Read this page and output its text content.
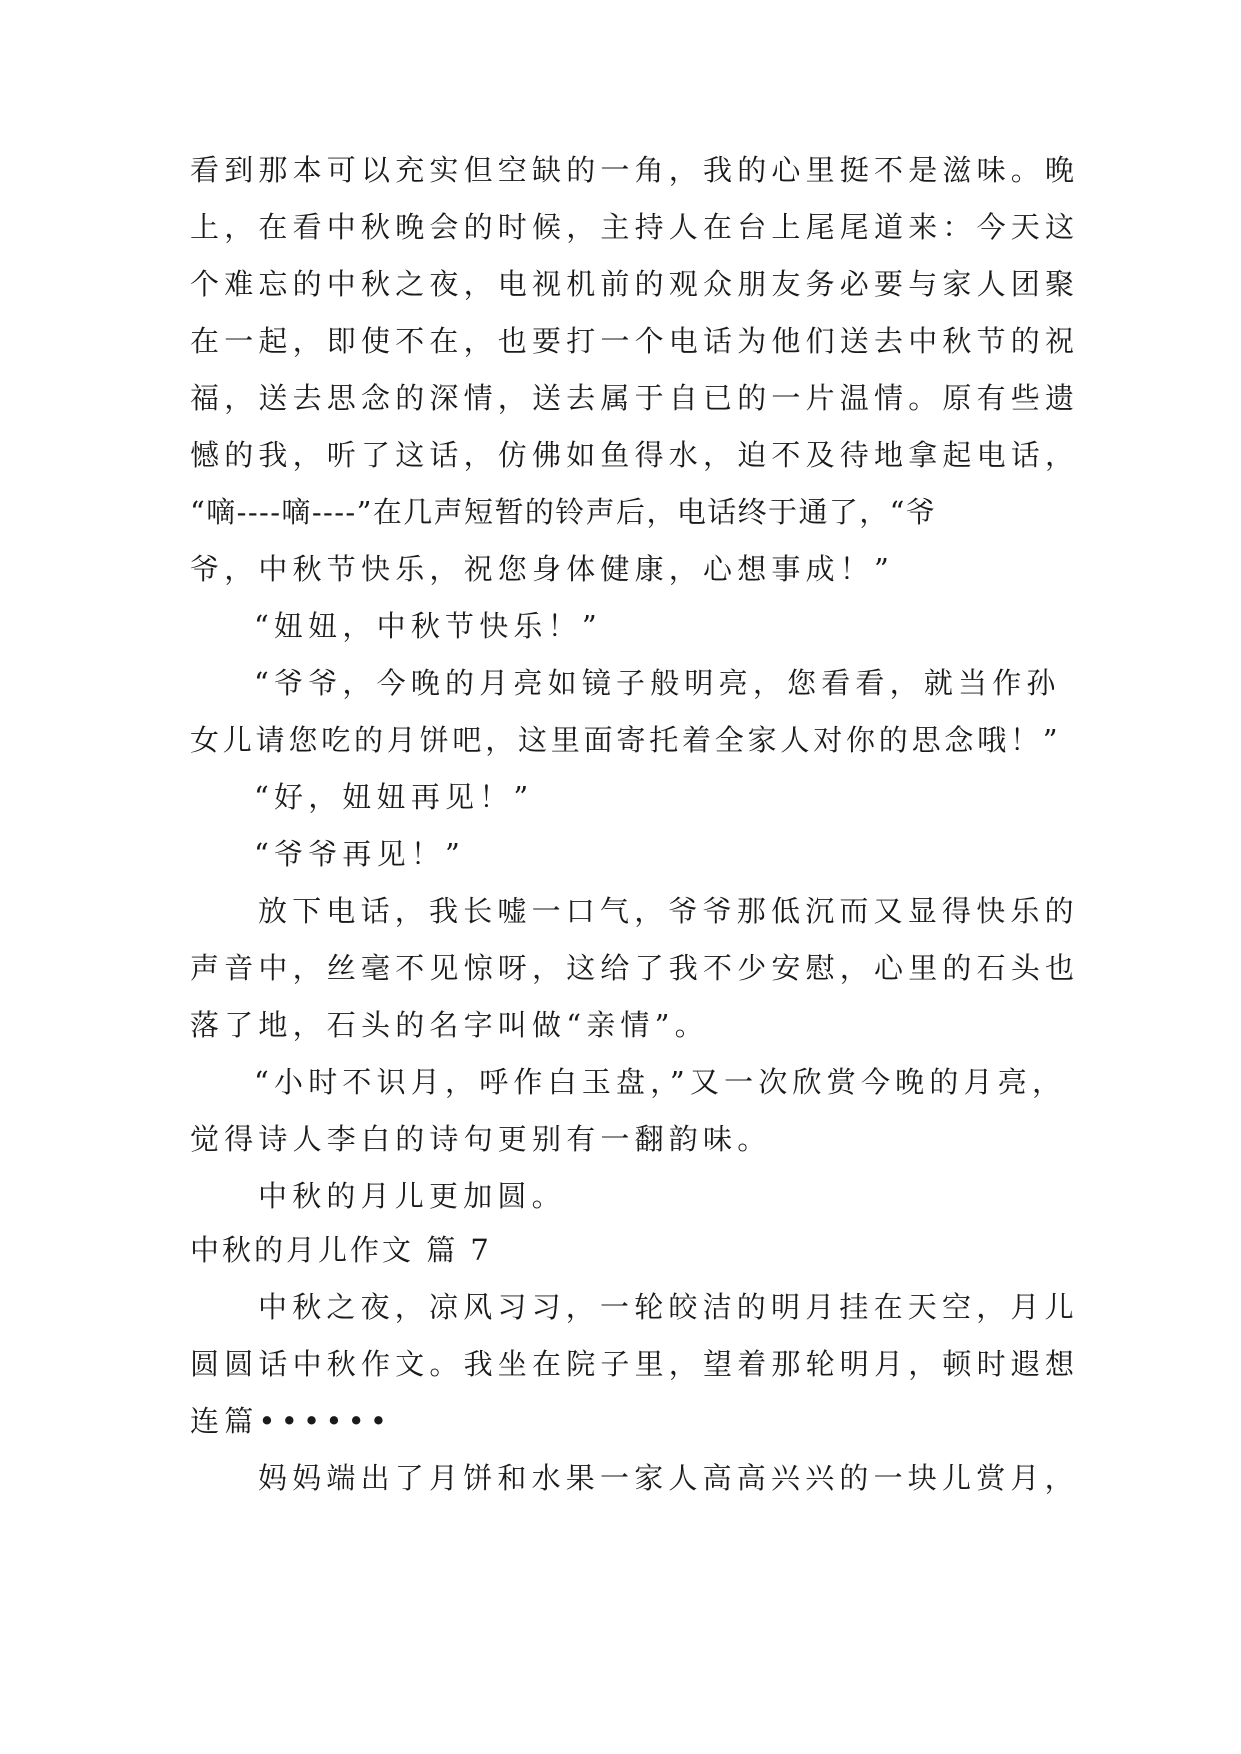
看到那本可以充实但空缺的一角，我的心里挺不是滋味。晚
上，在看中秋晚会的时候，主持人在台上尾尾道来：今天这
个难忘的中秋之夜，电视机前的观众朋友务必要与家人团聚
在一起，即使不在，也要打一个电话为他们送去中秋节的祝
福，送去思念的深情，送去属于自已的一片温情。原有些遗
憾的我，听了这话，仿佛如鱼得水，迫不及待地拿起电话，
“嘀----嘀----”在几声短暂的铃声后，电话终于通了，“爷
爷，中秋节快乐，祝您身体健康，心想事成！”
“妞妞，中秋节快乐！”
“爷爷，今晚的月亮如镜子般明亮，您看看，就当作孙
女儿请您吃的月饼吧，这里面寄托着全家人对你的思念哦！”
“好，妞妞再见！”
“爷爷再见！”
放下电话，我长嘘一口气，爷爷那低沉而又显得快乐的
声音中，丝毫不见惊呀，这给了我不少安慰，心里的石头也
落了地，石头的名字叫做“亲情”。
“小时不识月，呼作白玉盘，”又一次欣赏今晚的月亮，
觉得诗人李白的诗句更别有一翻韵味。
中秋的月儿更加圆。
中秋的月儿作文 篇 7
中秋之夜，凉风习习，一轮皎洁的明月挂在天空，月儿
圆圆话中秋作文。我坐在院子里，望着那轮明月，顿时遐想
连篇••••••
妈妈端出了月饼和水果一家人高高兴兴的一块儿赏月，
